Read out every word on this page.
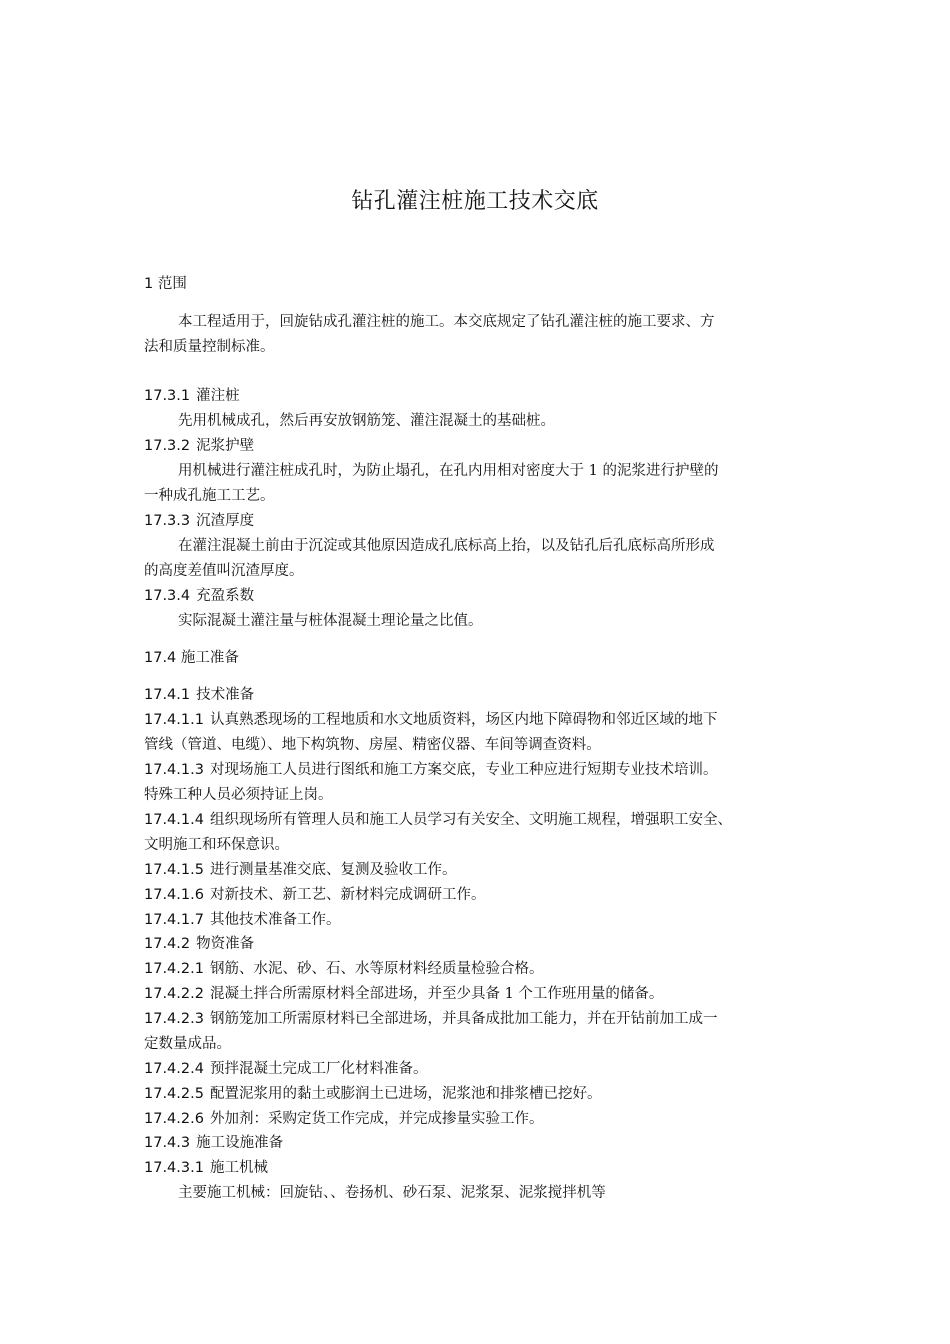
钻孔灌注桩施工技术交底
1 范围
本工程适用于，回旋钻成孔灌注桩的施工。本交底规定了钻孔灌注桩的施工要求、方
法和质量控制标准。
17.3.1 灌注桩
先用机械成孔，然后再安放钢筋笼、灌注混凝土的基础桩。
17.3.2 泥浆护壁
用机械进行灌注桩成孔时，为防止塌孔，在孔内用相对密度大于 1 的泥浆进行护壁的
一种成孔施工工艺。
17.3.3 沉渣厚度
在灌注混凝土前由于沉淀或其他原因造成孔底标高上抬，以及钻孔后孔底标高所形成
的高度差值叫沉渣厚度。
17.3.4 充盈系数
实际混凝土灌注量与桩体混凝土理论量之比值。
17.4 施工准备
17.4.1 技术准备
17.4.1.1 认真熟悉现场的工程地质和水文地质资料，场区内地下障碍物和邻近区域的地下
管线（管道、电缆）、地下构筑物、房屋、精密仪器、车间等调查资料。
17.4.1.3 对现场施工人员进行图纸和施工方案交底，专业工种应进行短期专业技术培训。
特殊工种人员必须持证上岗。
17.4.1.4 组织现场所有管理人员和施工人员学习有关安全、文明施工规程，增强职工安全、
文明施工和环保意识。
17.4.1.5 进行测量基准交底、复测及验收工作。
17.4.1.6 对新技术、新工艺、新材料完成调研工作。
17.4.1.7 其他技术准备工作。
17.4.2 物资准备
17.4.2.1 钢筋、水泥、砂、石、水等原材料经质量检验合格。
17.4.2.2 混凝土拌合所需原材料全部进场，并至少具备 1 个工作班用量的储备。
17.4.2.3 钢筋笼加工所需原材料已全部进场，并具备成批加工能力，并在开钻前加工成一
定数量成品。
17.4.2.4 预拌混凝土完成工厂化材料准备。
17.4.2.5 配置泥浆用的黏土或膨润土已进场，泥浆池和排浆槽已挖好。
17.4.2.6 外加剂：采购定货工作完成，并完成掺量实验工作。
17.4.3 施工设施准备
17.4.3.1 施工机械
主要施工机械：回旋钻、、卷扬机、砂石泵、泥浆泵、泥浆搅拌机等
